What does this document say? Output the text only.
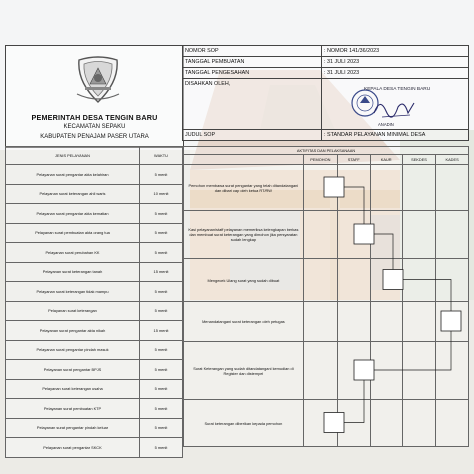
PEMERINTAH DESA TENGIN BARU
KECAMATAN SEPAKU
KABUPATEN PENAJAM PASER UTARA
NOMOR SOP	: NOMOR 141/36/2023
TANGGAL PEMBUATAN	: 31 JULI 2023
TANGGAL PENGESAHAN	: 31 JULI 2023
DISAHKAN OLEH,	
JUDUL SOP	: STANDAR PELAYANAN MINIMAL DESA
KEPALA DESA TENGIN BARU
ANADIN
JENIS PELAYANAN	WAKTU
Pelayanan surat pengantar akta kelahiran	5 menit
Pelayanan surat keterangan ahli waris	10 menit
Pelayanan surat pengantar akta kematian	5 menit
Pelayanan surat pembuatan akta orang tua	5 menit
Pelayanan surat perubahan KK	5 menit
Pelayanan surat keterangan tanah	15 menit
Pelayanan surat keterangan tidak mampu	5 menit
Pelayanan surat keterangan	5 menit
Pelayanan surat pengantar akta nikah	15 menit
Pelayanan surat pengantar pindah masuk	5 menit
Pelayanan surat pengantar BPJS	5 menit
Pelayanan surat keterangan usaha	5 menit
Pelayanan surat pembuatan KTP	5 menit
Pelayanan surat pengantar pindah keluar	5 menit
Pelayanan surat pengantar SKCK	5 menit
AKTIFITAS DAN PELAKSANAAN					
	PEMOHON	STAFF	KAUR	SEKDES	KADES
Pemohon membawa surat pengantar yang telah ditandatangani dan dibari cap oleh ketua RT/RW					
Kasi pelayanan/staff pelayanan memeriksa kelengkapan berkas dan membuat surat keterangan yang dimohon jika persyaratan sudah lengkap					
Mengecek Ulang surat yang sudah dibuat					
Menandatangani surat keterangan oleh petugas					
Surat Keterangan yang sudah ditandatangani kemudian di Register dan distempel					
Surat keterangan diberikan kepada pemohon					
